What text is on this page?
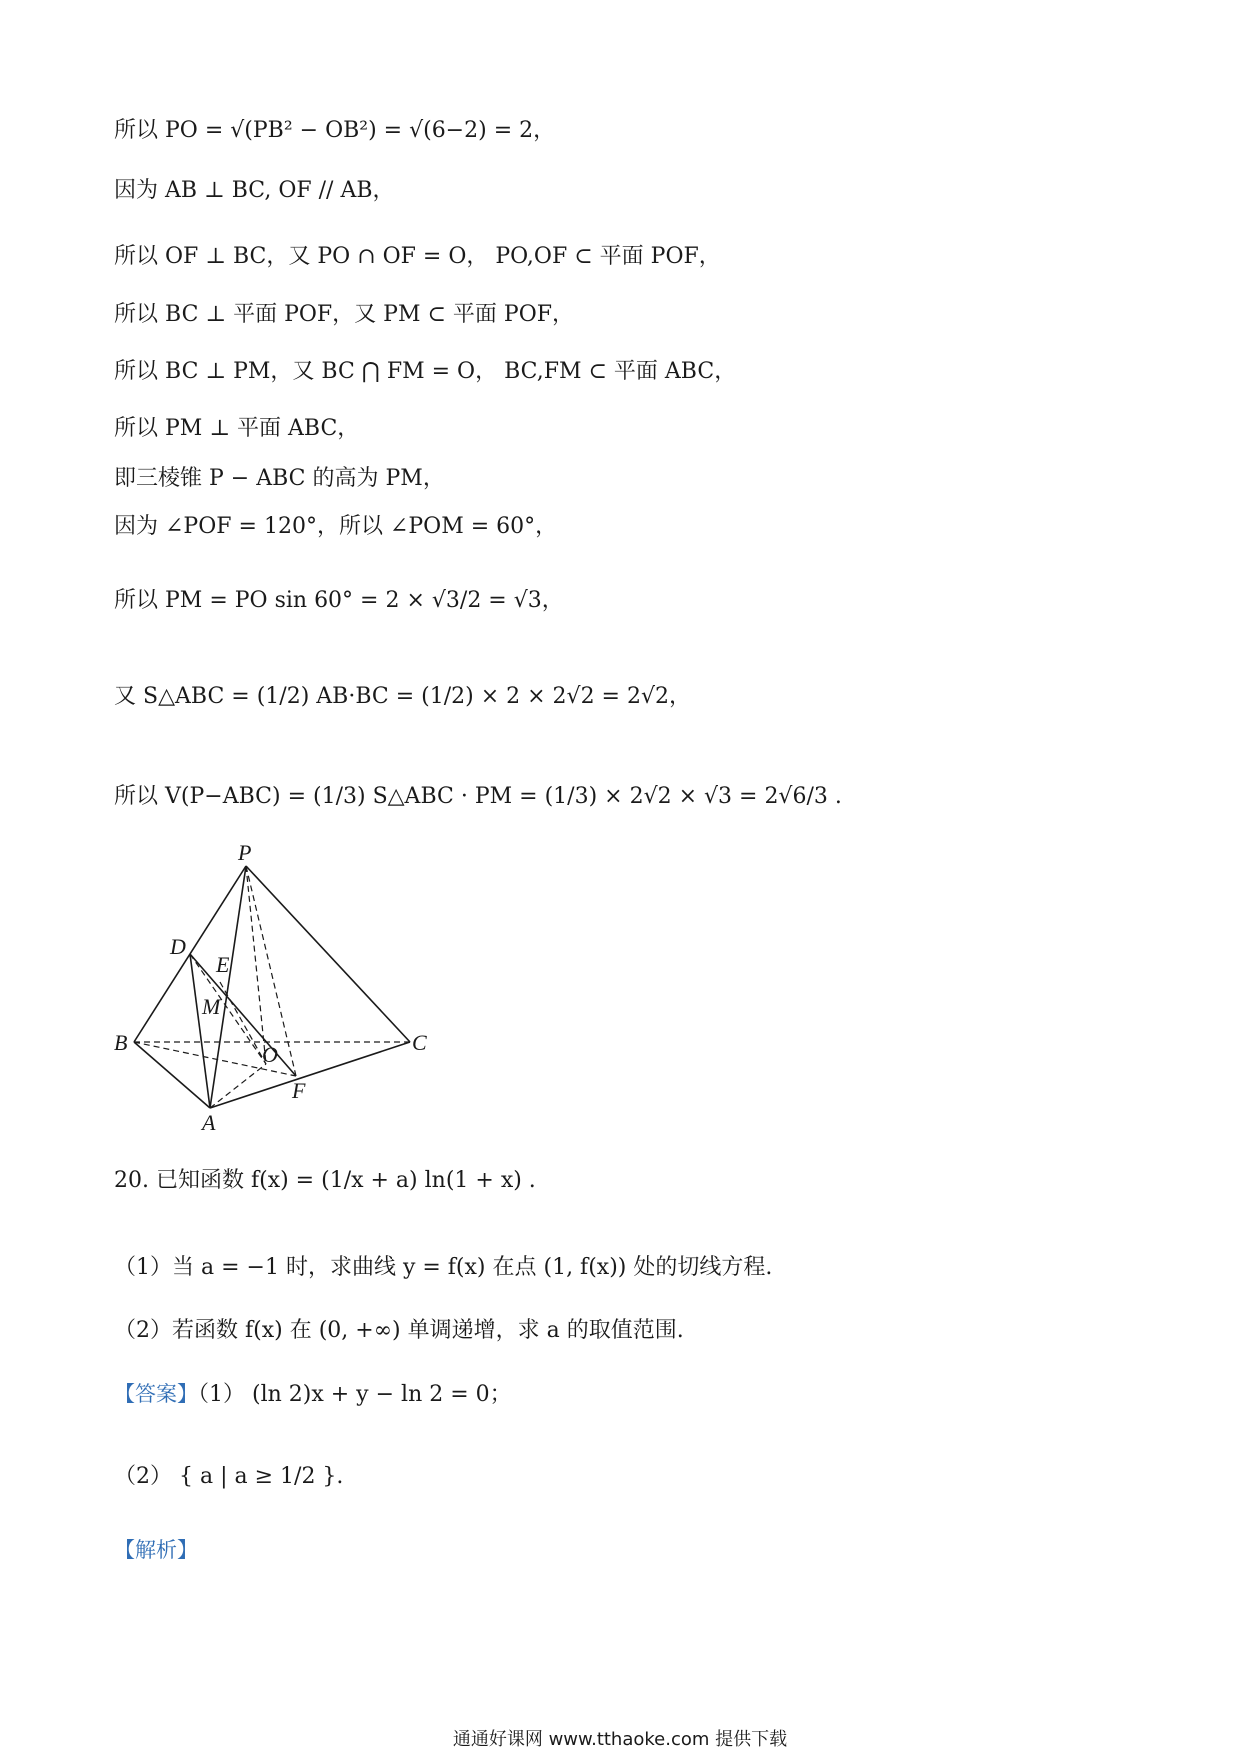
所以 PO = √(PB² − OB²) = √(6−2) = 2，
因为 AB ⊥ BC, OF // AB，
所以 OF ⊥ BC，又 PO ∩ OF = O， PO,OF ⊂ 平面 POF，
所以 BC ⊥ 平面 POF，又 PM ⊂ 平面 POF，
所以 BC ⊥ PM，又 BC ⋂ FM = O， BC,FM ⊂ 平面 ABC，
所以 PM ⊥ 平面 ABC，
即三棱锥 P − ABC 的高为 PM，
因为 ∠POF = 120°，所以 ∠POM = 60°，
所以 PM = PO sin 60° = 2 × √3/2 = √3，
又 S△ABC = (1/2) AB·BC = (1/2) × 2 × 2√2 = 2√2，
所以 V(P−ABC) = (1/3) S△ABC · PM = (1/3) × 2√2 × √3 = 2√6/3 .
P
D
E
M
B	O	C
F
A
20. 已知函数 f(x) = (1/x + a) ln(1 + x) .
（1）当 a = −1 时，求曲线 y = f(x) 在点 (1, f(x)) 处的切线方程.
（2）若函数 f(x) 在 (0, +∞) 单调递增，求 a 的取值范围.
【答案】（1） (ln 2)x + y − ln 2 = 0；
（2） { a | a ≥ 1/2 }.
【解析】
通通好课网 www.tthaoke.com 提供下载
